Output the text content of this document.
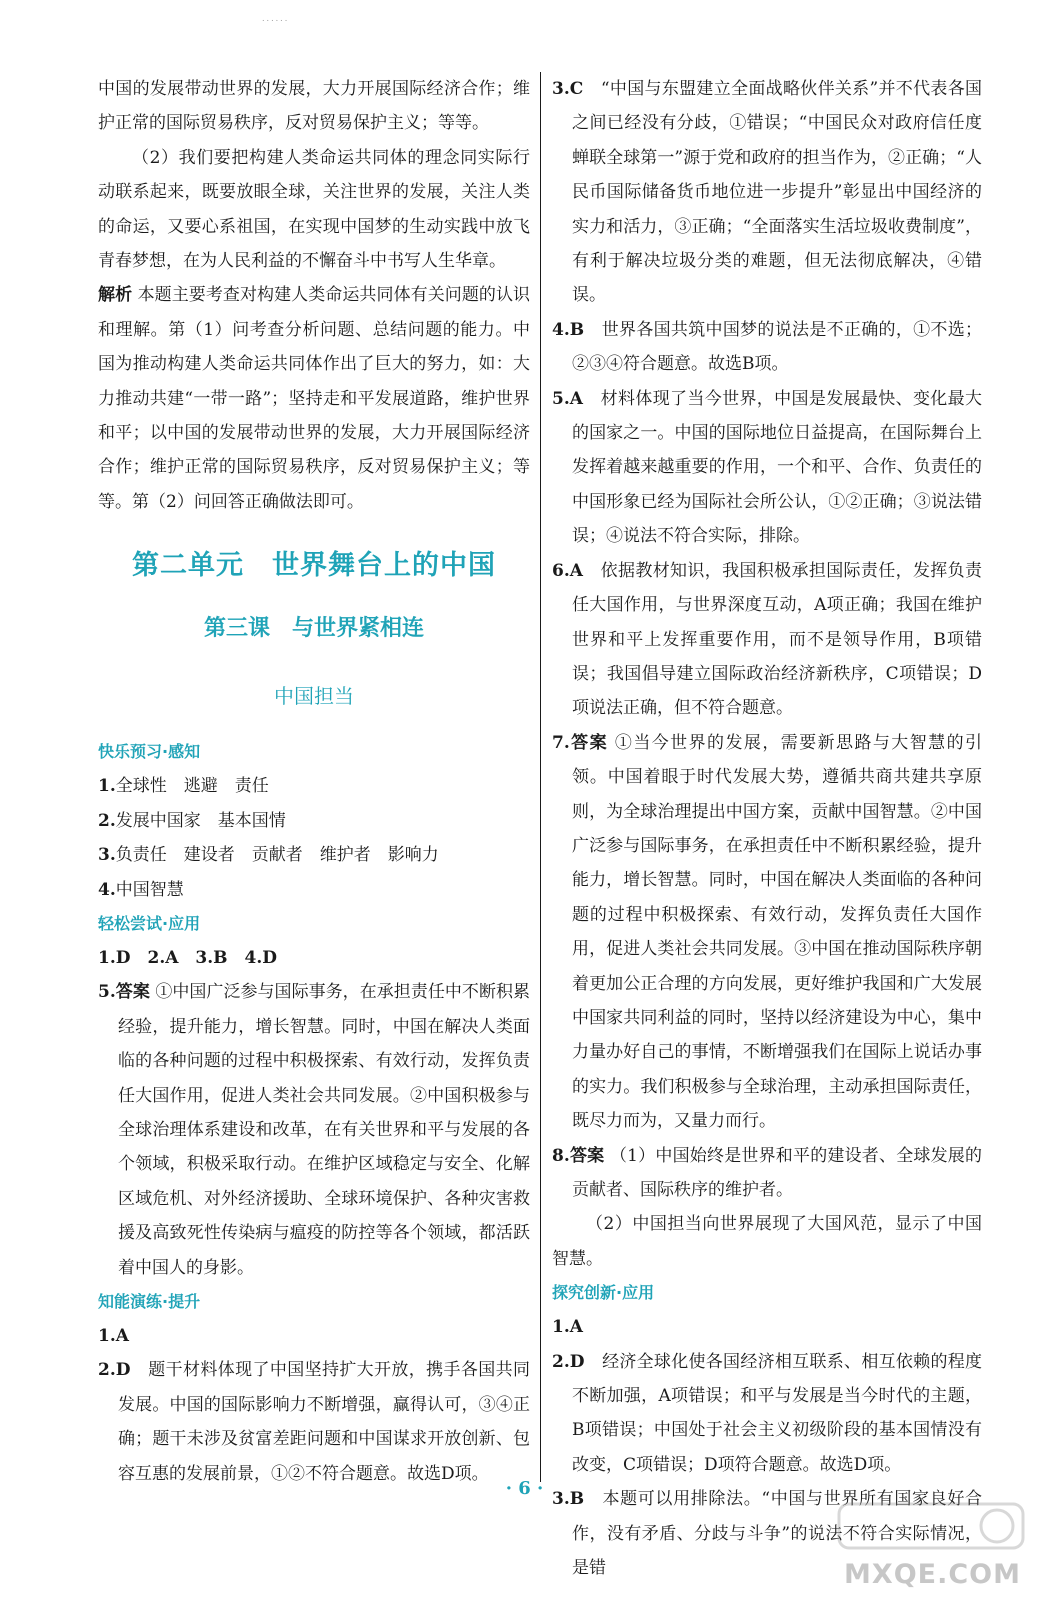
......

中国的发展带动世界的发展，大力开展国际经济合作；维护正常的国际贸易秩序，反对贸易保护主义；等等。

（2）我们要把构建人类命运共同体的理念同实际行动联系起来，既要放眼全球，关注世界的发展，关注人类的命运，又要心系祖国，在实现中国梦的生动实践中放飞青春梦想，在为人民利益的不懈奋斗中书写人生华章。

解析 本题主要考查对构建人类命运共同体有关问题的认识和理解。第（1）问考查分析问题、总结问题的能力。中国为推动构建人类命运共同体作出了巨大的努力，如：大力推动共建“一带一路”；坚持走和平发展道路，维护世界和平；以中国的发展带动世界的发展，大力开展国际经济合作；维护正常的国际贸易秩序，反对贸易保护主义；等等。第（2）问回答正确做法即可。

第二单元　世界舞台上的中国
第三课　与世界紧相连
中国担当
快乐预习·感知

1.全球性　逃避　责任

2.发展中国家　基本国情

3.负责任　建设者　贡献者　维护者　影响力

4.中国智慧

轻松尝试·应用

1.D　2.A　3.B　4.D

5.答案 ①中国广泛参与国际事务，在承担责任中不断积累经验，提升能力，增长智慧。同时，中国在解决人类面临的各种问题的过程中积极探索、有效行动，发挥负责任大国作用，促进人类社会共同发展。②中国积极参与全球治理体系建设和改革，在有关世界和平与发展的各个领域，积极采取行动。在维护区域稳定与安全、化解区域危机、对外经济援助、全球环境保护、各种灾害救援及高致死性传染病与瘟疫的防控等各个领域，都活跃着中国人的身影。

知能演练·提升

1.A

2.D　 题干材料体现了中国坚持扩大开放，携手各国共同发展。中国的国际影响力不断增强，赢得认可，③④正确；题干未涉及贫富差距问题和中国谋求开放创新、包容互惠的发展前景，①②不符合题意。故选D项。

3.C　 “中国与东盟建立全面战略伙伴关系”并不代表各国之间已经没有分歧，①错误；“中国民众对政府信任度蝉联全球第一”源于党和政府的担当作为，②正确；“人民币国际储备货币地位进一步提升”彰显出中国经济的实力和活力，③正确；“全面落实生活垃圾收费制度”，有利于解决垃圾分类的难题，但无法彻底解决，④错误。

4.B　 世界各国共筑中国梦的说法是不正确的，①不选；②③④符合题意。故选B项。

5.A　 材料体现了当今世界，中国是发展最快、变化最大的国家之一。中国的国际地位日益提高，在国际舞台上发挥着越来越重要的作用，一个和平、合作、负责任的中国形象已经为国际社会所公认，①②正确；③说法错误；④说法不符合实际，排除。

6.A　 依据教材知识，我国积极承担国际责任，发挥负责任大国作用，与世界深度互动，A项正确；我国在维护世界和平上发挥重要作用，而不是领导作用，B项错误；我国倡导建立国际政治经济新秩序，C项错误；D项说法正确，但不符合题意。

7.答案 ①当今世界的发展，需要新思路与大智慧的引领。中国着眼于时代发展大势，遵循共商共建共享原则，为全球治理提出中国方案，贡献中国智慧。②中国广泛参与国际事务，在承担责任中不断积累经验，提升能力，增长智慧。同时，中国在解决人类面临的各种问题的过程中积极探索、有效行动，发挥负责任大国作用，促进人类社会共同发展。③中国在推动国际秩序朝着更加公正合理的方向发展，更好维护我国和广大发展中国家共同利益的同时，坚持以经济建设为中心，集中力量办好自己的事情，不断增强我们在国际上说话办事的实力。我们积极参与全球治理，主动承担国际责任，既尽力而为，又量力而行。

8.答案 （1）中国始终是世界和平的建设者、全球发展的贡献者、国际秩序的维护者。

（2）中国担当向世界展现了大国风范，显示了中国智慧。

探究创新·应用

1.A

2.D　 经济全球化使各国经济相互联系、相互依赖的程度不断加强，A项错误；和平与发展是当今时代的主题，B项错误；中国处于社会主义初级阶段的基本国情没有改变，C项错误；D项符合题意。故选D项。

3.B　 本题可以用排除法。“中国与世界所有国家良好合作，没有矛盾、分歧与斗争”的说法不符合实际情况，是错

· 6 ·
MXQE.COM
